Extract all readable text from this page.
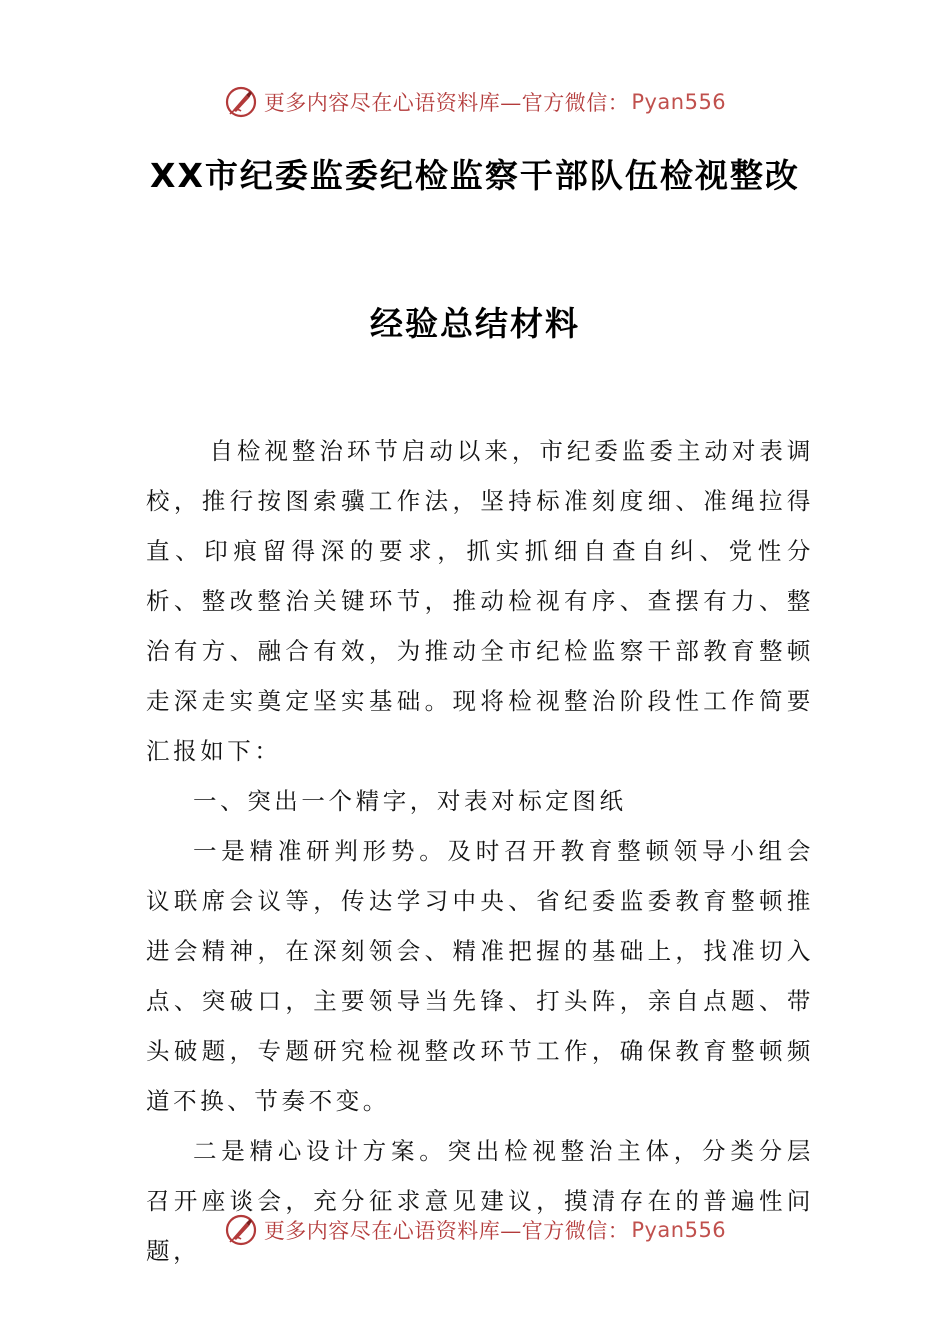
更多内容尽在心语资料库—官方微信： Pyan556
XX市纪委监委纪检监察干部队伍检视整改
经验总结材料

自检视整治环节启动以来，市纪委监委主动对表调校，推行按图索骥工作法，坚持标准刻度细、准绳拉得直、印痕留得深的要求，抓实抓细自查自纠、党性分析、整改整治关键环节，推动检视有序、查摆有力、整治有方、融合有效，为推动全市纪检监察干部教育整顿走深走实奠定坚实基础。现将检视整治阶段性工作简要汇报如下：

一、突出一个精字，对表对标定图纸

一是精准研判形势。及时召开教育整顿领导小组会议联席会议等，传达学习中央、省纪委监委教育整顿推进会精神，在深刻领会、精准把握的基础上，找准切入点、突破口，主要领导当先锋、打头阵，亲自点题、带头破题，专题研究检视整改环节工作，确保教育整顿频道不换、节奏不变。

二是精心设计方案。突出检视整治主体，分类分层召开座谈会，充分征求意见建议，摸清存在的普遍性问题，

更多内容尽在心语资料库—官方微信： Pyan556
